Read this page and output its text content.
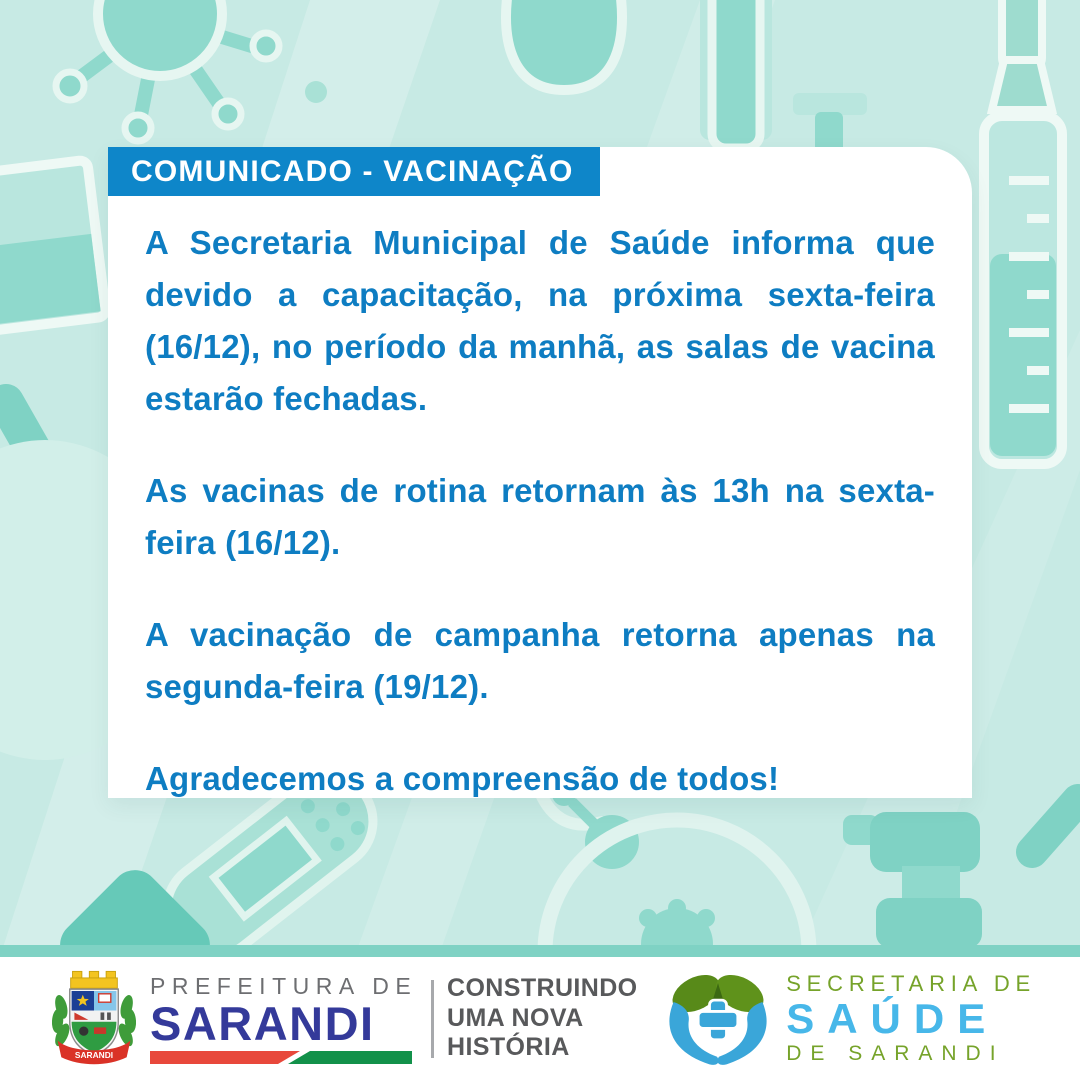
COMUNICADO - VACINAÇÃO

A Secretaria Municipal de Saúde informa que devido a capacitação, na próxima sexta-feira (16/12), no período da manhã, as salas de vacina estarão fechadas.

As vacinas de rotina retornam às 13h na sexta-feira (16/12).

A vacinação de campanha retorna apenas na segunda-feira (19/12).

Agradecemos a compreensão de todos!

SARANDI
PREFEITURA DE
SARANDI
CONSTRUINDO
UMA NOVA
HISTÓRIA
SECRETARIA DE
SAÚDE
DE SARANDI
